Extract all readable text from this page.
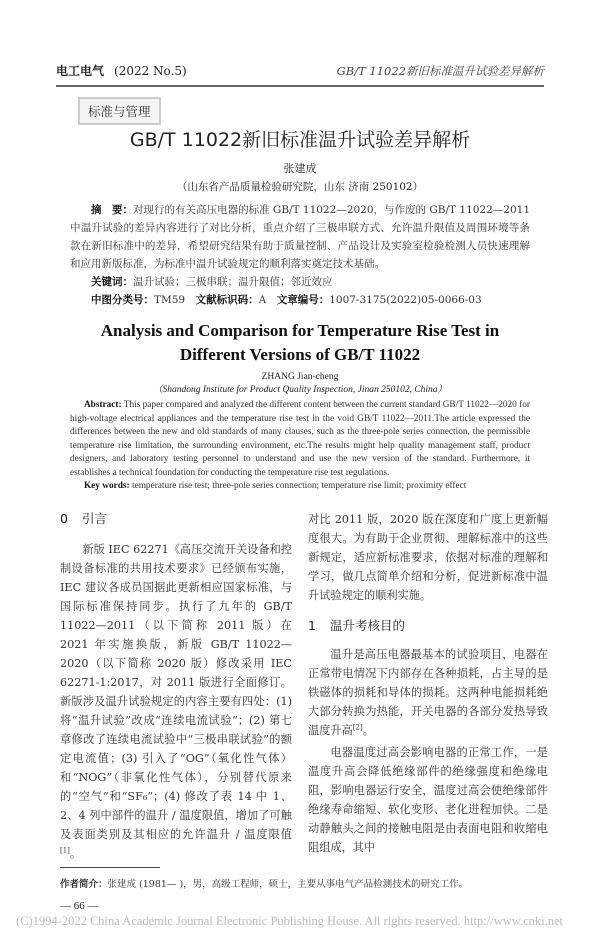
电工电气 (2022 No.5)	GB/T 11022新旧标准温升试验差异解析
标准与管理
GB/T 11022新旧标准温升试验差异解析
张建成
（山东省产品质量检验研究院，山东 济南 250102）

摘　要：对现行的有关高压电器的标准 GB/T 11022—2020，与作废的 GB/T 11022—2011 中温升试验的差异内容进行了对比分析，重点介绍了三极串联方式、允许温升限值及周围环境等条款在新旧标准中的差异，希望研究结果有助于质量控制、产品设计及实验室检验检测人员快速理解和应用新版标准，为标准中温升试验规定的顺利落实奠定技术基础。

关键词：温升试验；三极串联；温升限值；邻近效应

中图分类号：TM59  文献标识码：A  文章编号：1007-3175(2022)05-0066-03

Analysis and Comparison for Temperature Rise Test in
Different Versions of GB/T 11022
ZHANG Jian-cheng
（Shandong Institute for Product Quality Inspection, Jinan 250102, China）

Abstract: This paper compared and analyzed the different content between the current standard GB/T 11022—2020 for high-voltage electrical appliances and the temperature rise test in the void GB/T 11022—2011.The article expressed the differences between the new and old standards of many clauses, such as the three-pole series connection, the permissible temperature rise limitation, the surrounding environment, etc.The results might help quality management staff, product designers, and laboratory testing personnel to understand and use the new version of the standard. Furthermore, it establishes a technical foundation for conducting the temperature rise test regulations.

Key words: temperature rise test; three-pole series connection; temperature rise limit; proximity effect

0 引言

新版 IEC 62271《高压交流开关设备和控制设备标准的共用技术要求》已经颁布实施，IEC 建议各成员国据此更新相应国家标准，与国际标准保持同步。执行了九年的 GB/T 11022—2011（以下简称 2011 版）在 2021 年实施换版，新版 GB/T 11022—2020（以下简称 2020 版）修改采用 IEC 62271-1:2017，对 2011 版进行全面修订。新版涉及温升试验规定的内容主要有四处：(1) 将“温升试验”改成“连续电流试验”；(2) 第七章修改了连续电流试验中“三极串联试验”的额定电流值；(3) 引入了“OG”（氧化性气体）和“NOG”（非氧化性气体），分别替代原来的“空气”和“SF₆”；(4) 修改了表 14 中 1、2、4 列中部件的温升 / 温度限值，增加了可触及表面类别及其相应的允许温升 / 温度限值[1]。

对比 2011 版，2020 版在深度和广度上更新幅度很大。为有助于企业贯彻、理解标准中的这些新规定，适应新标准要求，依据对标准的理解和学习，做几点简单介绍和分析，促进新标准中温升试验规定的顺利实施。

1 温升考核目的

温升是高压电器最基本的试验项目，电器在正常带电情况下内部存在各种损耗，占主导的是铁磁体的损耗和导体的损耗。这两种电能损耗绝大部分转换为热能，开关电器的各部分发热导致温度升高[2]。

电器温度过高会影响电器的正常工作，一是温度升高会降低绝缘部件的绝缘强度和绝缘电阻，影响电器运行安全，温度过高会使绝缘部件绝缘寿命缩短、软化变形、老化进程加快。二是动静触头之间的接触电阻是由表面电阻和收缩电阻组成，其中

作者简介：张建成 (1981— )，男，高级工程师，硕士，主要从事电气产品检测技术的研究工作。
— 66 —
(C)1994-2022 China Academic Journal Electronic Publishing House. All rights reserved. http://www.cnki.net
